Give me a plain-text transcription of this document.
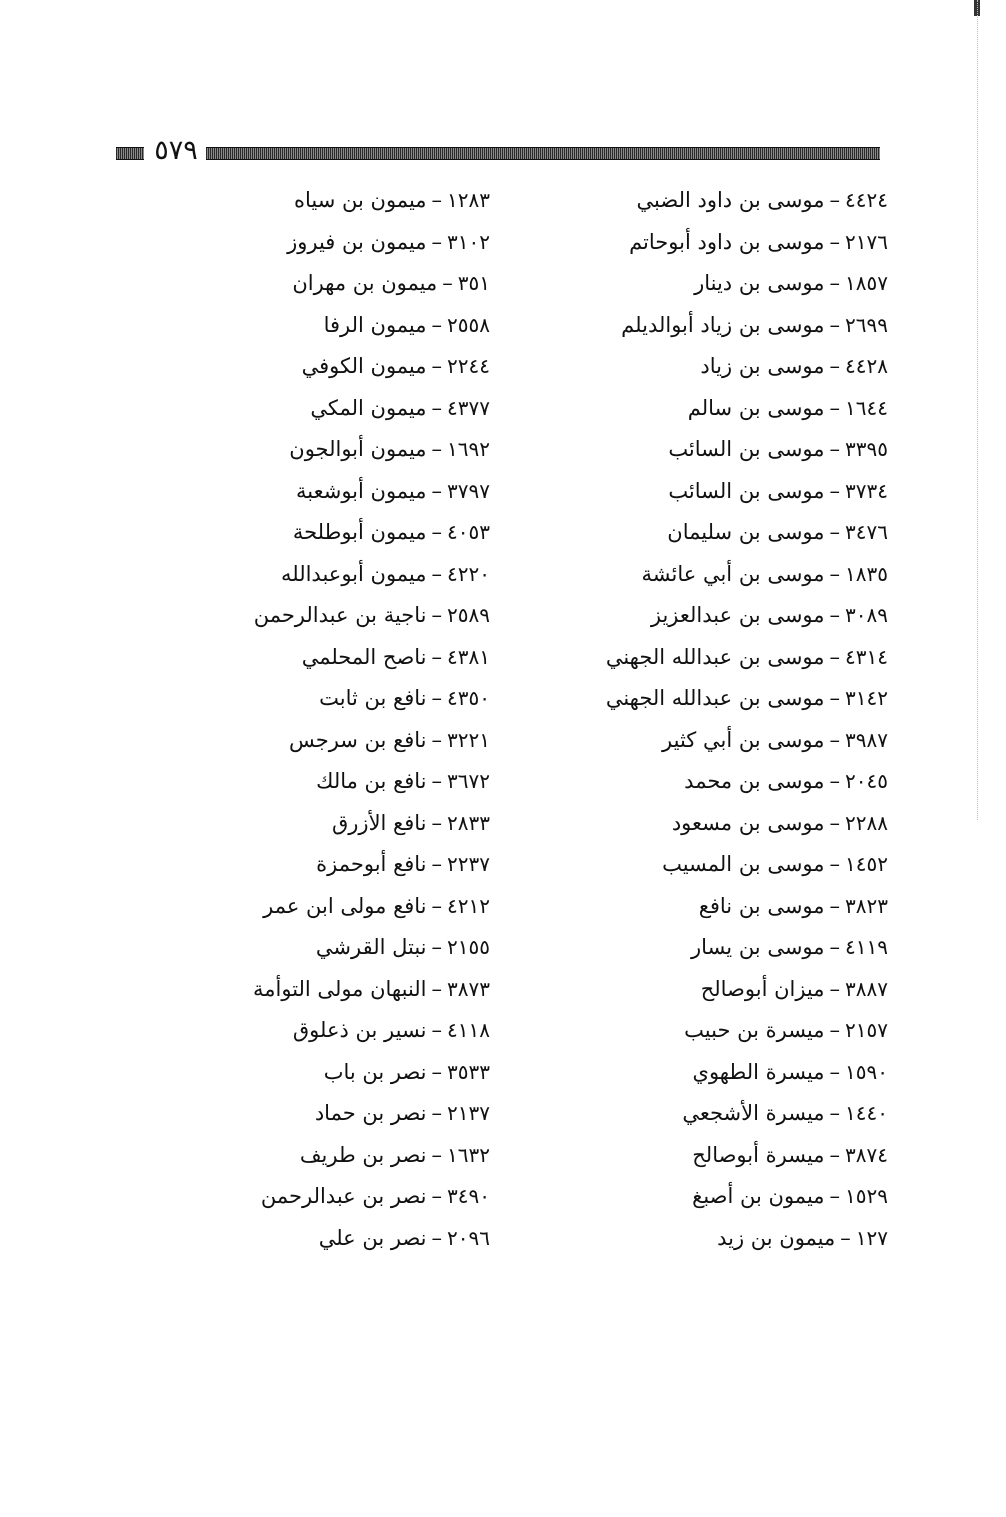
٥٧٩
٤٤٢٤–موسى بن داود الضبي
٢١٧٦–موسى بن داود أبوحاتم
١٨٥٧–موسى بن دينار
٢٦٩٩–موسى بن زياد أبوالديلم
٤٤٢٨–موسى بن زياد
١٦٤٤–موسى بن سالم
٣٣٩٥–موسى بن السائب
٣٧٣٤–موسى بن السائب
٣٤٧٦–موسى بن سليمان
١٨٣٥–موسى بن أبي عائشة
٣٠٨٩–موسى بن عبدالعزيز
٤٣١٤–موسى بن عبدالله الجهني
٣١٤٢–موسى بن عبدالله الجهني
٣٩٨٧–موسى بن أبي كثير
٢٠٤٥–موسى بن محمد
٢٢٨٨–موسى بن مسعود
١٤٥٢–موسى بن المسيب
٣٨٢٣–موسى بن نافع
٤١١٩–موسى بن يسار
٣٨٨٧–ميزان أبوصالح
٢١٥٧–ميسرة بن حبيب
١٥٩٠–ميسرة الطهوي
١٤٤٠–ميسرة الأشجعي
٣٨٧٤–ميسرة أبوصالح
١٥٢٩–ميمون بن أصبغ
١٢٧–ميمون بن زيد
١٢٨٣–ميمون بن سياه
٣١٠٢–ميمون بن فيروز
٣٥١–ميمون بن مهران
٢٥٥٨–ميمون الرفا
٢٢٤٤–ميمون الكوفي
٤٣٧٧–ميمون المكي
١٦٩٢–ميمون أبوالجون
٣٧٩٧–ميمون أبوشعبة
٤٠٥٣–ميمون أبوطلحة
٤٢٢٠–ميمون أبوعبدالله
٢٥٨٩–ناجية بن عبدالرحمن
٤٣٨١–ناصح المحلمي
٤٣٥٠–نافع بن ثابت
٣٢٢١–نافع بن سرجس
٣٦٧٢–نافع بن مالك
٢٨٣٣–نافع الأزرق
٢٢٣٧–نافع أبوحمزة
٤٢١٢–نافع مولى ابن عمر
٢١٥٥–نبتل القرشي
٣٨٧٣–النبهان مولى التوأمة
٤١١٨–نسير بن ذعلوق
٣٥٣٣–نصر بن باب
٢١٣٧–نصر بن حماد
١٦٣٢–نصر بن طريف
٣٤٩٠–نصر بن عبدالرحمن
٢٠٩٦–نصر بن علي
